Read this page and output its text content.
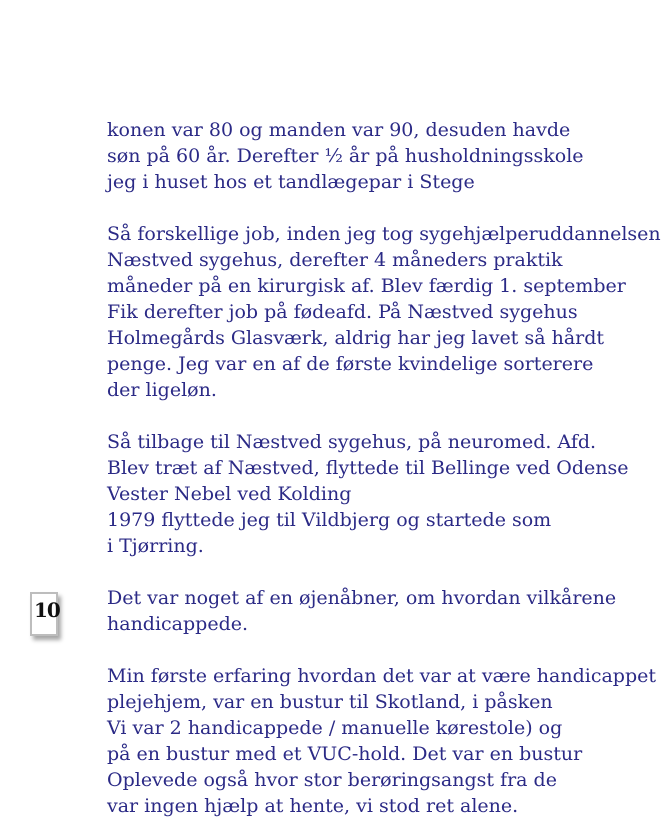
konen var 80 og manden var 90, desuden havde
søn på 60 år. Derefter ½ år på husholdningsskole
jeg i huset hos et tandlægepar i Stege
Så forskellige job, inden jeg tog sygehjælperuddannelsen
Næstved sygehus, derefter 4 måneders praktik
måneder på en kirurgisk af. Blev færdig 1. september
Fik derefter job på fødeafd. På Næstved sygehus
Holmegårds Glasværk, aldrig har jeg lavet så hårdt
penge. Jeg var en af de første kvindelige sorterere
der ligeløn.
Så tilbage til Næstved sygehus, på neuromed. Afd.
Blev træt af Næstved, flyttede til Bellinge ved Odense
Vester Nebel ved Kolding
1979 flyttede jeg til Vildbjerg og startede som
i Tjørring.
Det var noget af en øjenåbner, om hvordan vilkårene
handicappede.
Min første erfaring hvordan det var at være handicappet
plejehjem, var en bustur til Skotland, i påsken
Vi var 2 handicappede / manuelle kørestole) og
på en bustur med et VUC-hold. Det var en bustur
Oplevede også hvor stor berøringsangst fra de
var ingen hjælp at hente, vi stod ret alene.
10
